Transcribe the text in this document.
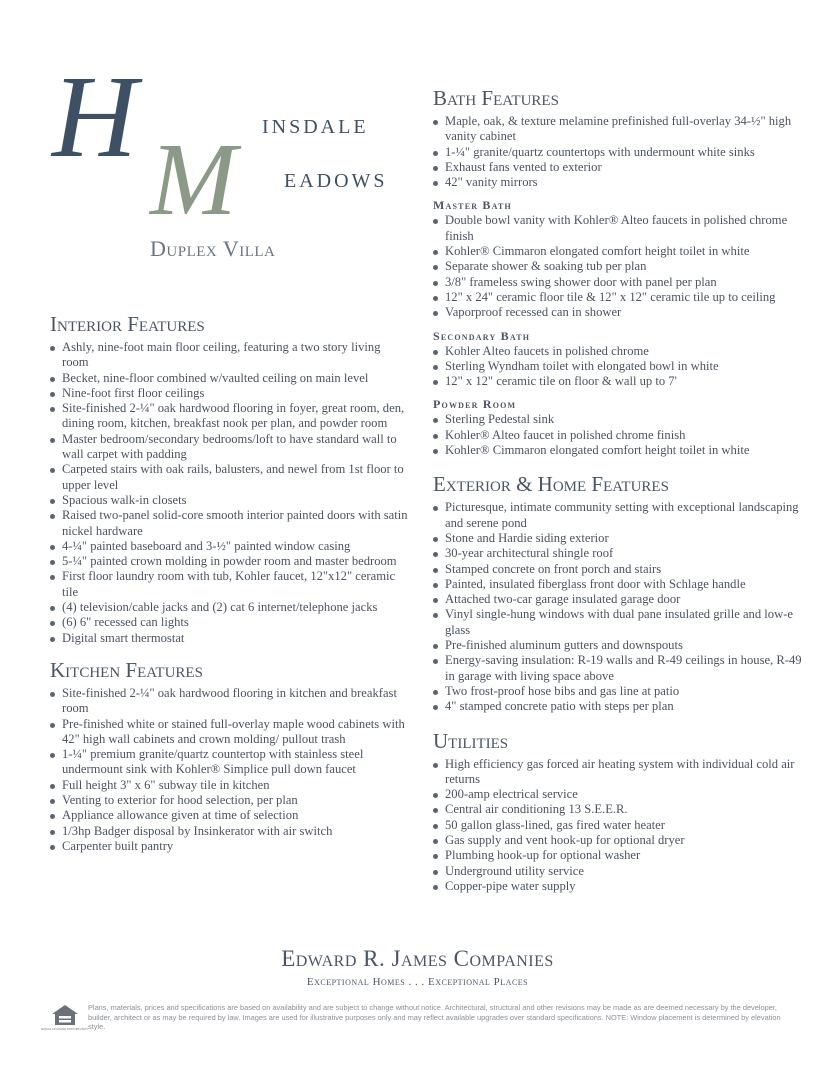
H	INSDALE
M EADOWS
Duplex Villa
Interior Features
Ashly, nine-foot main floor ceiling, featuring a two story living room
Becket, nine-floor combined w/vaulted ceiling on main level
Nine-foot first floor ceilings
Site-finished 2-¼" oak hardwood flooring in foyer, great room, den, dining room, kitchen, breakfast nook per plan, and powder room
Master bedroom/secondary bedrooms/loft to have standard wall to wall carpet with padding
Carpeted stairs with oak rails, balusters, and newel from 1st floor to upper level
Spacious walk-in closets
Raised two-panel solid-core smooth interior painted doors with satin nickel hardware
4-¼" painted baseboard and 3-½" painted window casing
5-¼" painted crown molding in powder room and master bedroom
First floor laundry room with tub, Kohler faucet, 12"x12" ceramic tile
(4) television/cable jacks and (2) cat 6 internet/telephone jacks
(6) 6" recessed can lights
Digital smart thermostat
Kitchen Features
Site-finished 2-¼" oak hardwood flooring in kitchen and breakfast room
Pre-finished white or stained full-overlay maple wood cabinets with 42" high wall cabinets and crown molding/ pullout trash
1-¼" premium granite/quartz countertop with stainless steel undermount sink with Kohler® Simplice pull down faucet
Full height 3" x 6" subway tile in kitchen
Venting to exterior for hood selection, per plan
Appliance allowance given at time of selection
1/3hp Badger disposal by Insinkerator with air switch
Carpenter built pantry
Bath Features
Maple, oak, & texture melamine prefinished full-overlay 34-½" high vanity cabinet
1-¼" granite/quartz countertops with undermount white sinks
Exhaust fans vented to exterior
42" vanity mirrors
Master Bath
Double bowl vanity with Kohler® Alteo faucets in polished chrome finish
Kohler® Cimmaron elongated comfort height toilet in white
Separate shower & soaking tub per plan
3/8" frameless swing shower door with panel per plan
12" x 24" ceramic floor tile & 12" x 12" ceramic tile up to ceiling
Vaporproof recessed can in shower
Secondary Bath
Kohler Alteo faucets in polished chrome
Sterling Wyndham toilet with elongated bowl in white
12" x 12" ceramic tile on floor & wall up to 7'
Powder Room
Sterling Pedestal sink
Kohler® Alteo faucet in polished chrome finish
Kohler® Cimmaron elongated comfort height toilet in white
Exterior & Home Features
Picturesque, intimate community setting with exceptional landscaping and serene pond
Stone and Hardie siding exterior
30-year architectural shingle roof
Stamped concrete on front porch and stairs
Painted, insulated fiberglass front door with Schlage handle
Attached two-car garage insulated garage door
Vinyl single-hung windows with dual pane insulated grille and low-e glass
Pre-finished aluminum gutters and downspouts
Energy-saving insulation: R-19 walls and R-49 ceilings in house, R-49 in garage with living space above
Two frost-proof hose bibs and gas line at patio
4" stamped concrete patio with steps per plan
Utilities
High efficiency gas forced air heating system with individual cold air returns
200-amp electrical service
Central air conditioning 13 S.E.E.R.
50 gallon glass-lined, gas fired water heater
Gas supply and vent hook-up for optional dryer
Plumbing hook-up for optional washer
Underground utility service
Copper-pipe water supply
Edward R. James Companies
Exceptional Homes . . . Exceptional Places
EQUAL HOUSING OPPORTUNITY
Plans, materials, prices and specifications are based on availability and are subject to change without notice. Architectural, structural and other revisions may be made as are deemed necessary by the developer, builder, architect or as may be required by law. Images are used for illustrative purposes only and may reflect available upgrades over standard specifications. NOTE: Window placement is determined by elevation style.
